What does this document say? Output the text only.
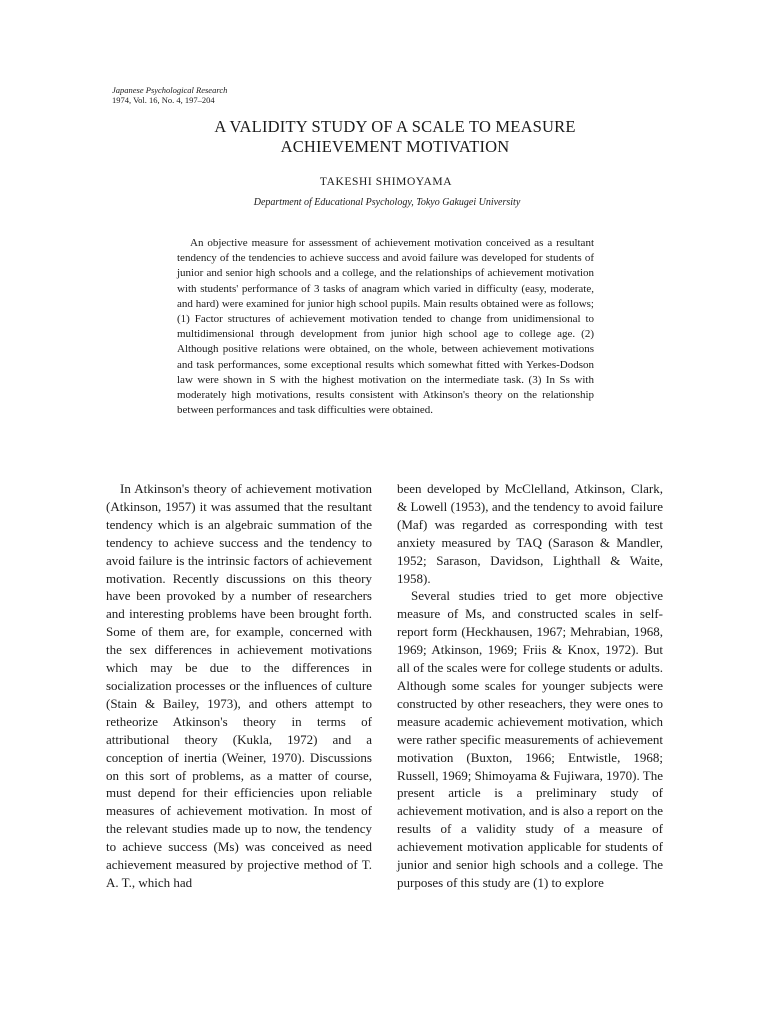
Japanese Psychological Research
1974, Vol. 16, No. 4, 197–204
A VALIDITY STUDY OF A SCALE TO MEASURE
ACHIEVEMENT MOTIVATION
TAKESHI SHIMOYAMA
Department of Educational Psychology, Tokyo Gakugei University

An objective measure for assessment of achievement motivation conceived as a resultant tendency of the tendencies to achieve success and avoid failure was developed for students of junior and senior high schools and a college, and the relationships of achievement motivation with students' performance of 3 tasks of anagram which varied in difficulty (easy, moderate, and hard) were examined for junior high school pupils. Main results obtained were as follows; (1) Factor structures of achievement motivation tended to change from unidimensional to multidimensional through development from junior high school age to college age. (2) Although positive relations were obtained, on the whole, between achievement motivations and task performances, some exceptional results which somewhat fitted with Yerkes-Dodson law were shown in S with the highest motivation on the intermediate task. (3) In Ss with moderately high motivations, results consistent with Atkinson's theory on the relationship between performances and task difficulties were obtained.

In Atkinson's theory of achievement motivation (Atkinson, 1957) it was assumed that the resultant tendency which is an algebraic summation of the tendency to achieve success and the tendency to avoid failure is the intrinsic factors of achievement motivation. Recently discussions on this theory have been provoked by a number of researchers and interesting problems have been brought forth. Some of them are, for example, concerned with the sex differences in achievement motivations which may be due to the differences in socialization processes or the influences of culture (Stain & Bailey, 1973), and others attempt to retheorize Atkinson's theory in terms of attributional theory (Kukla, 1972) and a conception of inertia (Weiner, 1970). Discussions on this sort of problems, as a matter of course, must depend for their efficiencies upon reliable measures of achievement motivation. In most of the relevant studies made up to now, the tendency to achieve success (Ms) was conceived as need achievement measured by projective method of T. A. T., which had

been developed by McClelland, Atkinson, Clark, & Lowell (1953), and the tendency to avoid failure (Maf) was regarded as corresponding with test anxiety measured by TAQ (Sarason & Mandler, 1952; Sarason, Davidson, Lighthall & Waite, 1958).

Several studies tried to get more objective measure of Ms, and constructed scales in self-report form (Heckhausen, 1967; Mehrabian, 1968, 1969; Atkinson, 1969; Friis & Knox, 1972). But all of the scales were for college students or adults. Although some scales for younger subjects were constructed by other reseachers, they were ones to measure academic achievement motivation, which were rather specific measurements of achievement motivation (Buxton, 1966; Entwistle, 1968; Russell, 1969; Shimoyama & Fujiwara, 1970). The present article is a preliminary study of achievement motivation, and is also a report on the results of a validity study of a measure of achievement motivation applicable for students of junior and senior high schools and a college. The purposes of this study are (1) to explore
